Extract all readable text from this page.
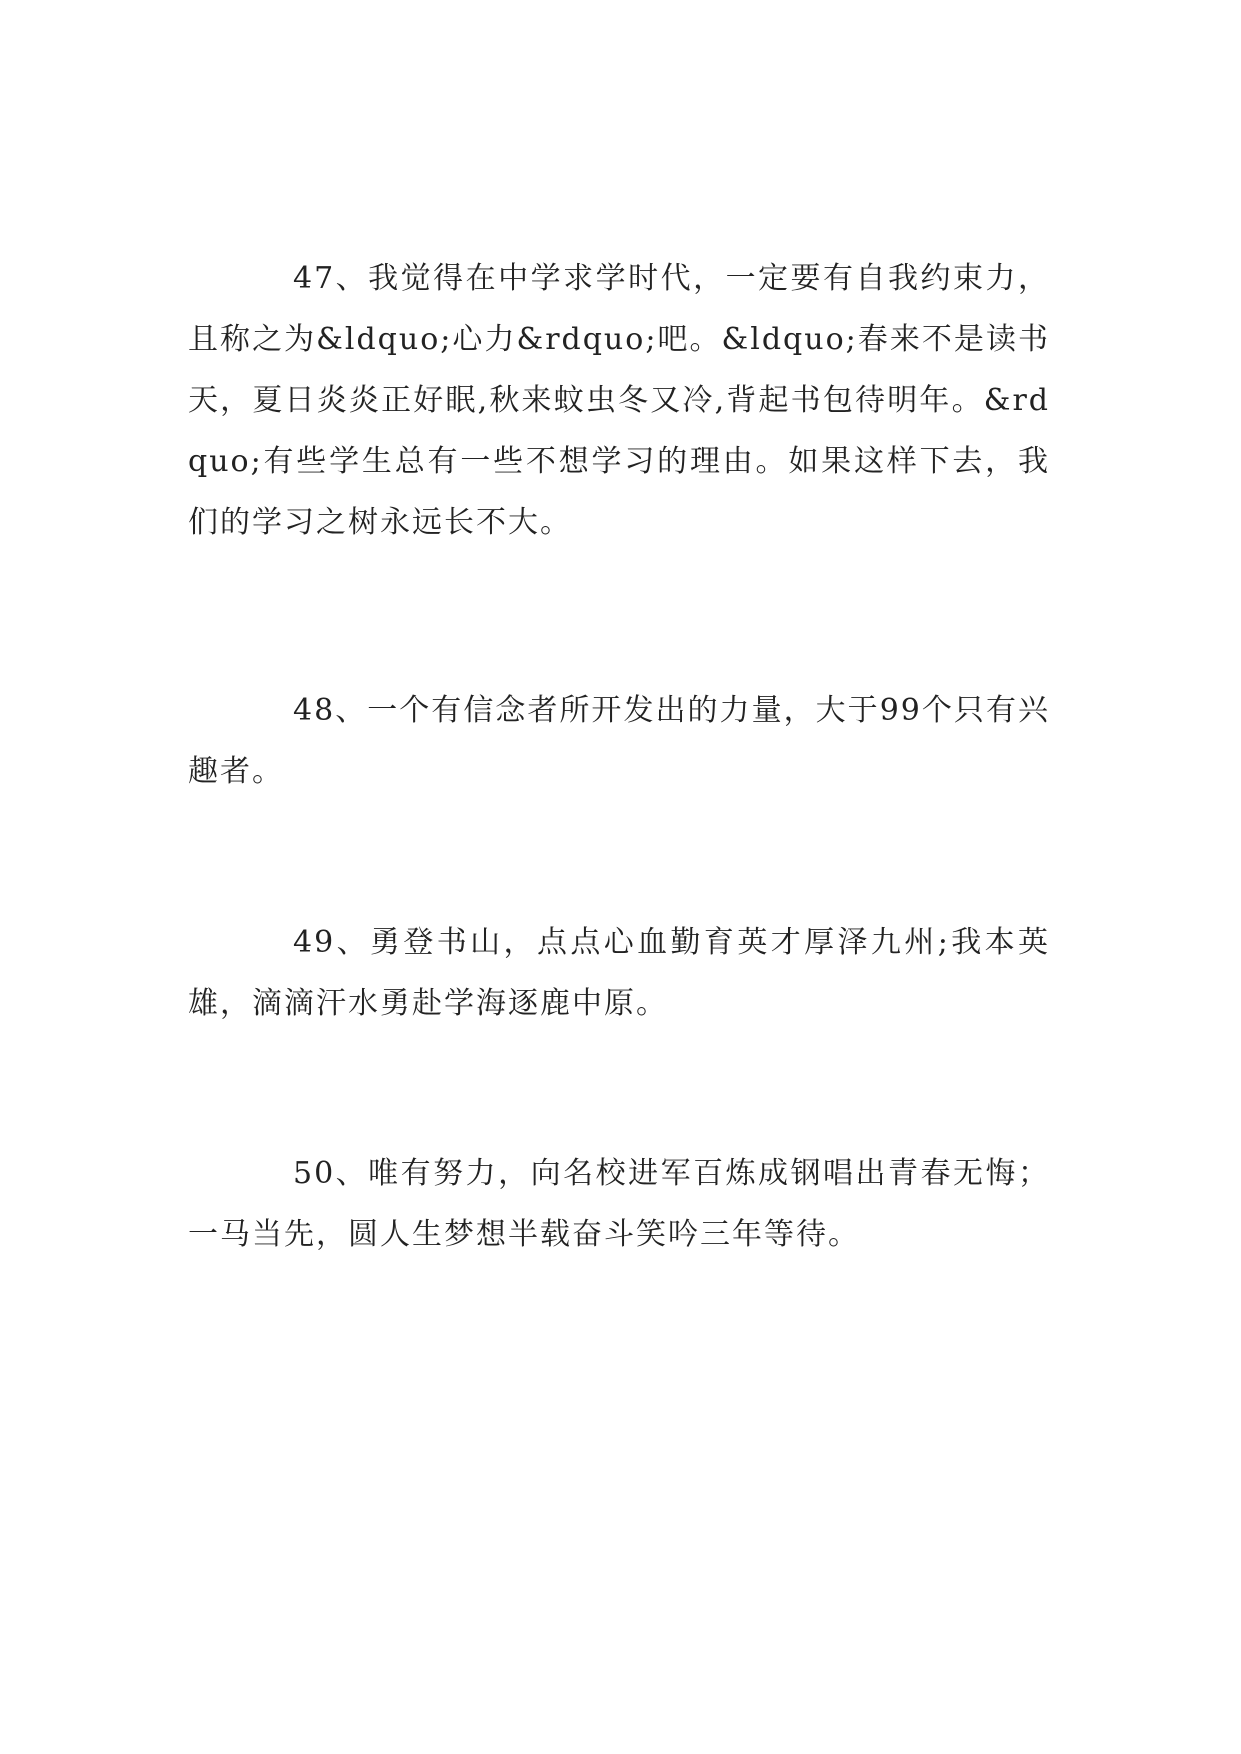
47、我觉得在中学求学时代，一定要有自我约束力，且称之为&ldquo;心力&rdquo;吧。&ldquo;春来不是读书天，夏日炎炎正好眠,秋来蚊虫冬又冷,背起书包待明年。&rdquo;有些学生总有一些不想学习的理由。如果这样下去，我们的学习之树永远长不大。

48、一个有信念者所开发出的力量，大于99个只有兴趣者。

49、勇登书山，点点心血勤育英才厚泽九州;我本英雄，滴滴汗水勇赴学海逐鹿中原。

50、唯有努力，向名校进军百炼成钢唱出青春无悔；一马当先，圆人生梦想半载奋斗笑吟三年等待。
